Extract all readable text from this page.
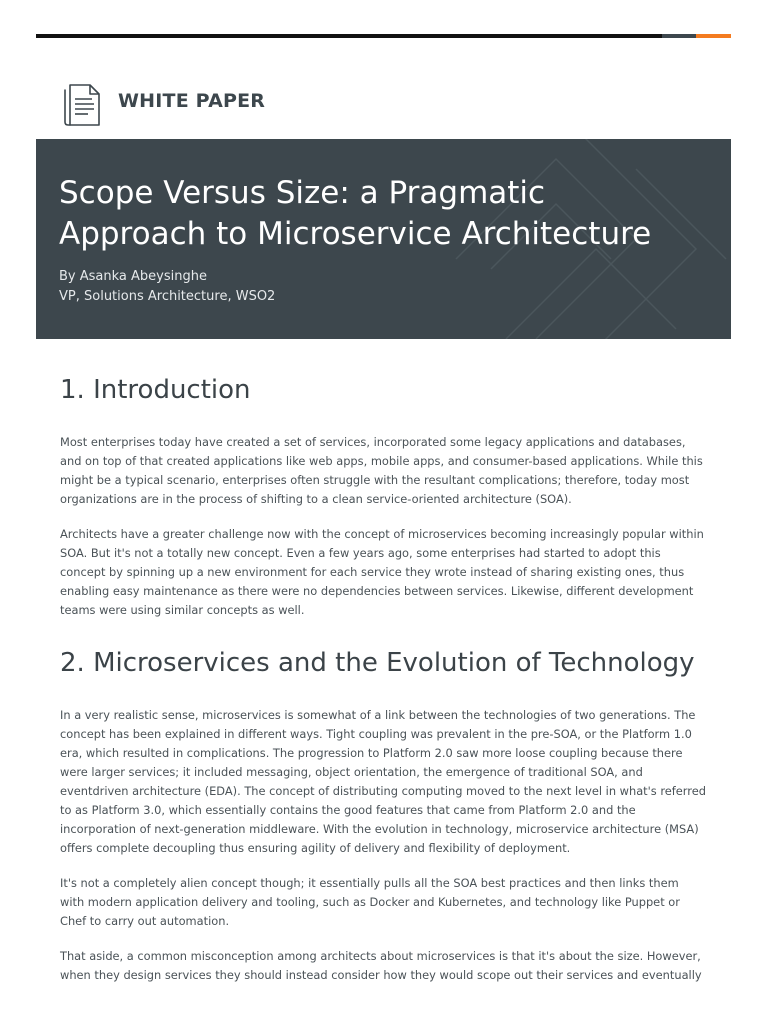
WHITE PAPER
Scope Versus Size: a Pragmatic Approach to Microservice Architecture
By Asanka Abeysinghe
VP, Solutions Architecture, WSO2
1. Introduction

Most enterprises today have created a set of services, incorporated some legacy applications and databases, and on top of that created applications like web apps, mobile apps, and consumer-based applications. While this might be a typical scenario, enterprises often struggle with the resultant complications; therefore, today most organizations are in the process of shifting to a clean service-oriented architecture (SOA).

Architects have a greater challenge now with the concept of microservices becoming increasingly popular within SOA. But it's not a totally new concept. Even a few years ago, some enterprises had started to adopt this concept by spinning up a new environment for each service they wrote instead of sharing existing ones, thus enabling easy maintenance as there were no dependencies between services. Likewise, different development teams were using similar concepts as well.

2. Microservices and the Evolution of Technology

In a very realistic sense, microservices is somewhat of a link between the technologies of two generations. The concept has been explained in different ways. Tight coupling was prevalent in the pre-SOA, or the Platform 1.0 era, which resulted in complications. The progression to Platform 2.0 saw more loose coupling because there were larger services; it included messaging, object orientation, the emergence of traditional SOA, and eventdriven architecture (EDA). The concept of distributing computing moved to the next level in what's referred to as Platform 3.0, which essentially contains the good features that came from Platform 2.0 and the incorporation of next-generation middleware. With the evolution in technology, microservice architecture (MSA) offers complete decoupling thus ensuring agility of delivery and flexibility of deployment.

It's not a completely alien concept though; it essentially pulls all the SOA best practices and then links them with modern application delivery and tooling, such as Docker and Kubernetes, and technology like Puppet or Chef to carry out automation.

That aside, a common misconception among architects about microservices is that it's about the size. However, when they design services they should instead consider how they would scope out their services and eventually
